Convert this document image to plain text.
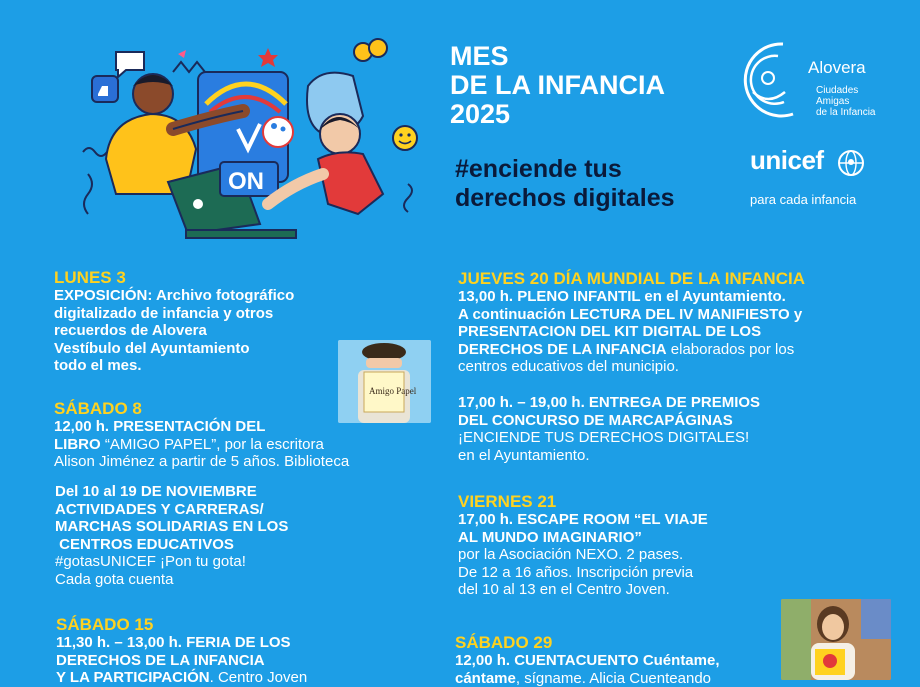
ON
MES
DE LA INFANCIA
2025
#enciende tus
derechos digitales
Alovera
Ciudades
Amigas
de la Infancia
unicef
para cada infancia
LUNES 3
EXPOSICIÓN: Archivo fotográfico
digitalizado de infancia y otros
recuerdos de Alovera
Vestíbulo del Ayuntamiento
todo el mes.
Amigo Papel
SÁBADO 8
12,00 h. PRESENTACIÓN DEL
LIBRO “AMIGO PAPEL”, por la escritora
Alison Jiménez a partir de 5 años. Biblioteca
Del 10 al 19 DE NOVIEMBRE
ACTIVIDADES Y CARRERAS/
MARCHAS SOLIDARIAS EN LOS
CENTROS EDUCATIVOS
#gotasUNICEF ¡Pon tu gota!
Cada gota cuenta
SÁBADO 15
11,30 h. – 13,00 h. FERIA DE LOS
DERECHOS DE LA INFANCIA
Y LA PARTICIPACIÓN. Centro Joven
JUEVES 20 DÍA MUNDIAL DE LA INFANCIA
13,00 h. PLENO INFANTIL en el Ayuntamiento.
A continuación LECTURA DEL IV MANIFIESTO y
PRESENTACION DEL KIT DIGITAL DE LOS
DERECHOS DE LA INFANCIA elaborados por los
centros educativos del municipio.
17,00 h. – 19,00 h. ENTREGA DE PREMIOS
DEL CONCURSO DE MARCAPÁGINAS
¡ENCIENDE TUS DERECHOS DIGITALES!
en el Ayuntamiento.
VIERNES 21
17,00 h. ESCAPE ROOM “EL VIAJE
AL MUNDO IMAGINARIO”
por la Asociación NEXO. 2 pases.
De 12 a 16 años. Inscripción previa
del 10 al 13 en el Centro Joven.
SÁBADO 29
12,00 h. CUENTACUENTO Cuéntame,
cántame, sígname. Alicia Cuenteando
